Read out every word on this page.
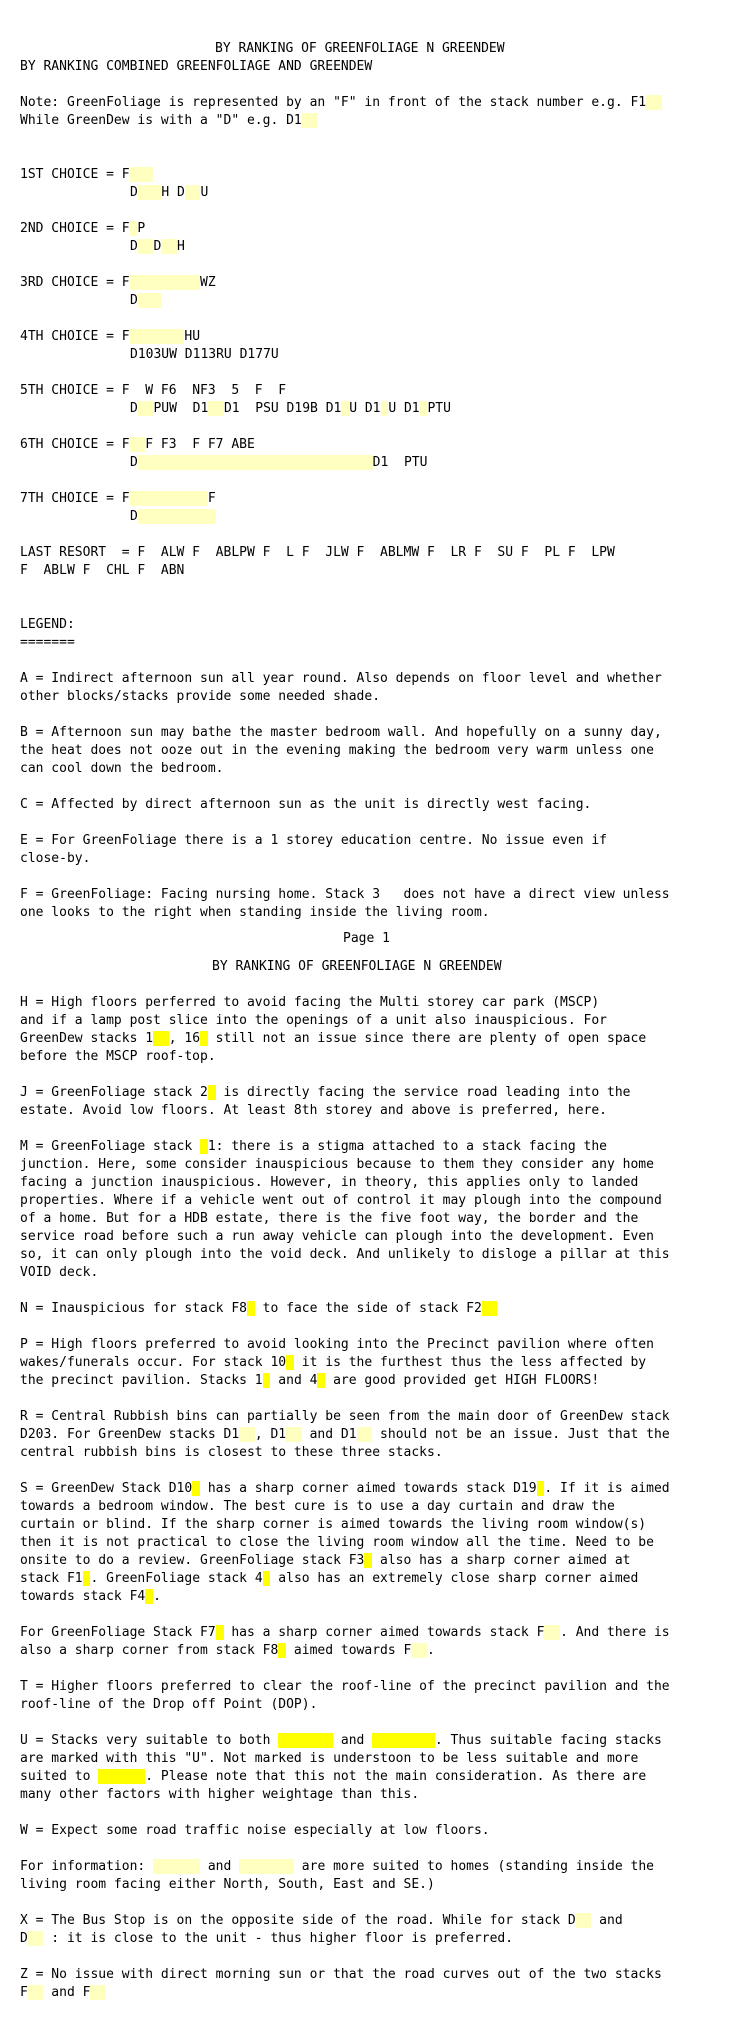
BY RANKING OF GREENFOLIAGE N GREENDEW
BY RANKING COMBINED GREENFOLIAGE AND GREENDEW
Note: GreenFoliage is represented by an "F" in front of the stack number e.g. F1
While GreenDew is with a "D" e.g. D1
1ST CHOICE = F
D H D U
2ND CHOICE = F P
D D H
3RD CHOICE = F	WZ
D
4TH CHOICE = F	HU
D103UW D113RU D177U
5TH CHOICE = F  W F6  NF3  5  F  F
D PUW  D1 D1  PSU D19B D1 U D1 U D1 PTU
6TH CHOICE = F F F3  F F7 ABE
D	D1  PTU
7TH CHOICE = F	F
D
LAST RESORT  = F  ALW F  ABLPW F  L F  JLW F  ABLMW F  LR F  SU F  PL F  LPW
F  ABLW F  CHL F  ABN
LEGEND:
=======
A = Indirect afternoon sun all year round. Also depends on floor level and whether
other blocks/stacks provide some needed shade.
B = Afternoon sun may bathe the master bedroom wall. And hopefully on a sunny day,
the heat does not ooze out in the evening making the bedroom very warm unless one
can cool down the bedroom.
C = Affected by direct afternoon sun as the unit is directly west facing.
E = For GreenFoliage there is a 1 storey education centre. No issue even if
close-by.
F = GreenFoliage: Facing nursing home. Stack 3   does not have a direct view unless
one looks to the right when standing inside the living room.
Page 1
BY RANKING OF GREENFOLIAGE N GREENDEW
H = High floors perferred to avoid facing the Multi storey car park (MSCP)
and if a lamp post slice into the openings of a unit also inauspicious. For
GreenDew stacks 1 , 16  still not an issue since there are plenty of open space
before the MSCP roof-top.
J = GreenFoliage stack 2  is directly facing the service road leading into the
estate. Avoid low floors. At least 8th storey and above is preferred, here.
M = GreenFoliage stack  1: there is a stigma attached to a stack facing the
junction. Here, some consider inauspicious because to them they consider any home
facing a junction inauspicious. However, in theory, this applies only to landed
properties. Where if a vehicle went out of control it may plough into the compound
of a home. But for a HDB estate, there is the five foot way, the border and the
service road before such a run away vehicle can plough into the development. Even
so, it can only plough into the void deck. And unlikely to disloge a pillar at this
VOID deck.
N = Inauspicious for stack F8  to face the side of stack F2
P = High floors preferred to avoid looking into the Precinct pavilion where often
wakes/funerals occur. For stack 10  it is the furthest thus the less affected by
the precinct pavilion. Stacks 1  and 4  are good provided get HIGH FLOORS!
R = Central Rubbish bins can partially be seen from the main door of GreenDew stack
D203. For GreenDew stacks D1 , D1   and D1   should not be an issue. Just that the
central rubbish bins is closest to these three stacks.
S = GreenDew Stack D10  has a sharp corner aimed towards stack D19 . If it is aimed
towards a bedroom window. The best cure is to use a day curtain and draw the
curtain or blind. If the sharp corner is aimed towards the living room window(s)
then it is not practical to close the living room window all the time. Need to be
onsite to do a review. GreenFoliage stack F3  also has a sharp corner aimed at
stack F1 . GreenFoliage stack 4  also has an extremely close sharp corner aimed
towards stack F4 .
For GreenFoliage Stack F7  has a sharp corner aimed towards stack F . And there is
also a sharp corner from stack F8  aimed towards F .
T = Higher floors preferred to clear the roof-line of the precinct pavilion and the
roof-line of the Drop off Point (DOP).
U = Stacks very suitable to both	and	. Thus suitable facing stacks
are marked with this "U". Not marked is understoon to be less suitable and more
suited to	. Please note that this not the main consideration. As there are
many other factors with higher weightage than this.
W = Expect some road traffic noise especially at low floors.
For information:	and	are more suited to homes (standing inside the
living room facing either North, South, East and SE.)
X = The Bus Stop is on the opposite side of the road. While for stack D   and
D   : it is close to the unit - thus higher floor is preferred.
Z = No issue with direct morning sun or that the road curves out of the two stacks
F   and F
